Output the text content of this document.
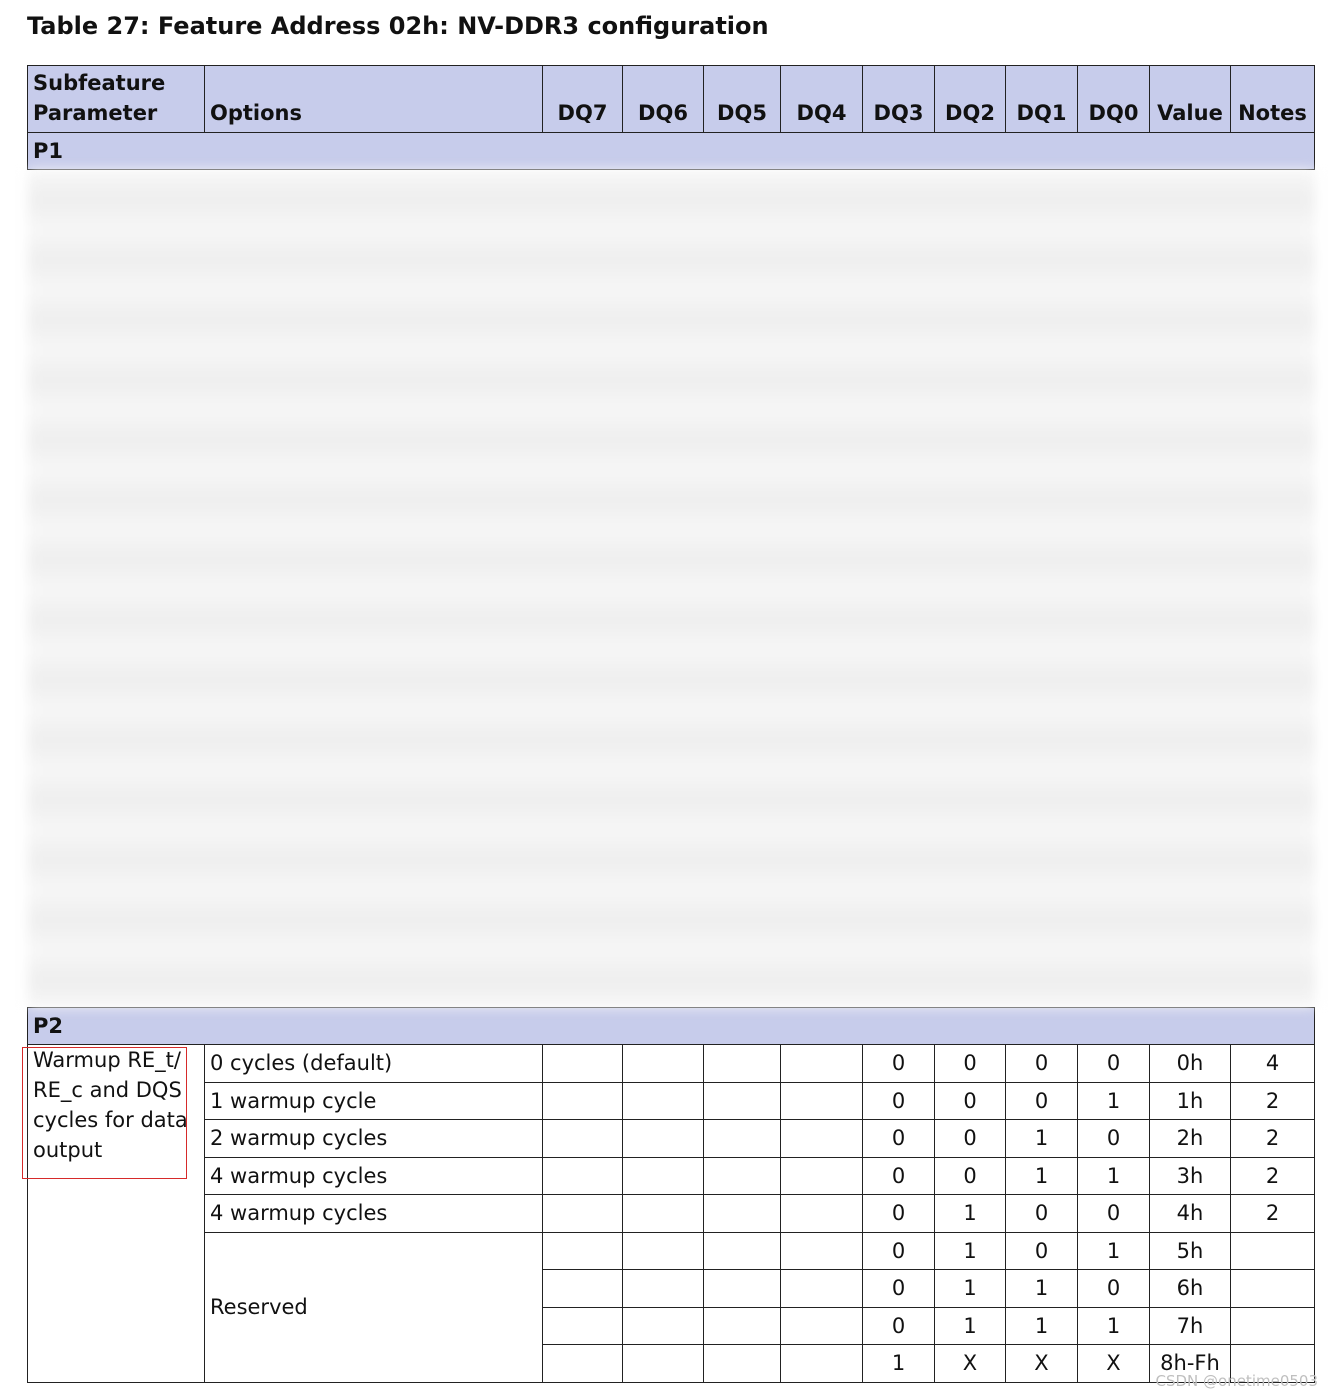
Table 27: Feature Address 02h: NV-DDR3 configuration
Subfeature
Parameter	Options	DQ7	DQ6	DQ5	DQ4	DQ3	DQ2	DQ1	DQ0	Value	Notes
P1											

P2											
Warmup RE_t/ RE_c and DQS cycles for data output	0 cycles (default)					0	0	0	0	0h	4
	1 warmup cycle					0	0	0	1	1h	2
	2 warmup cycles					0	0	1	0	2h	2
	4 warmup cycles					0	0	1	1	3h	2
	4 warmup cycles					0	1	0	0	4h	2
	Reserved					0	1	0	1	5h	
						0	1	1	0	6h	
						0	1	1	1	7h	
						1	X	X	X	8h-Fh	
CSDN @onetime0503
